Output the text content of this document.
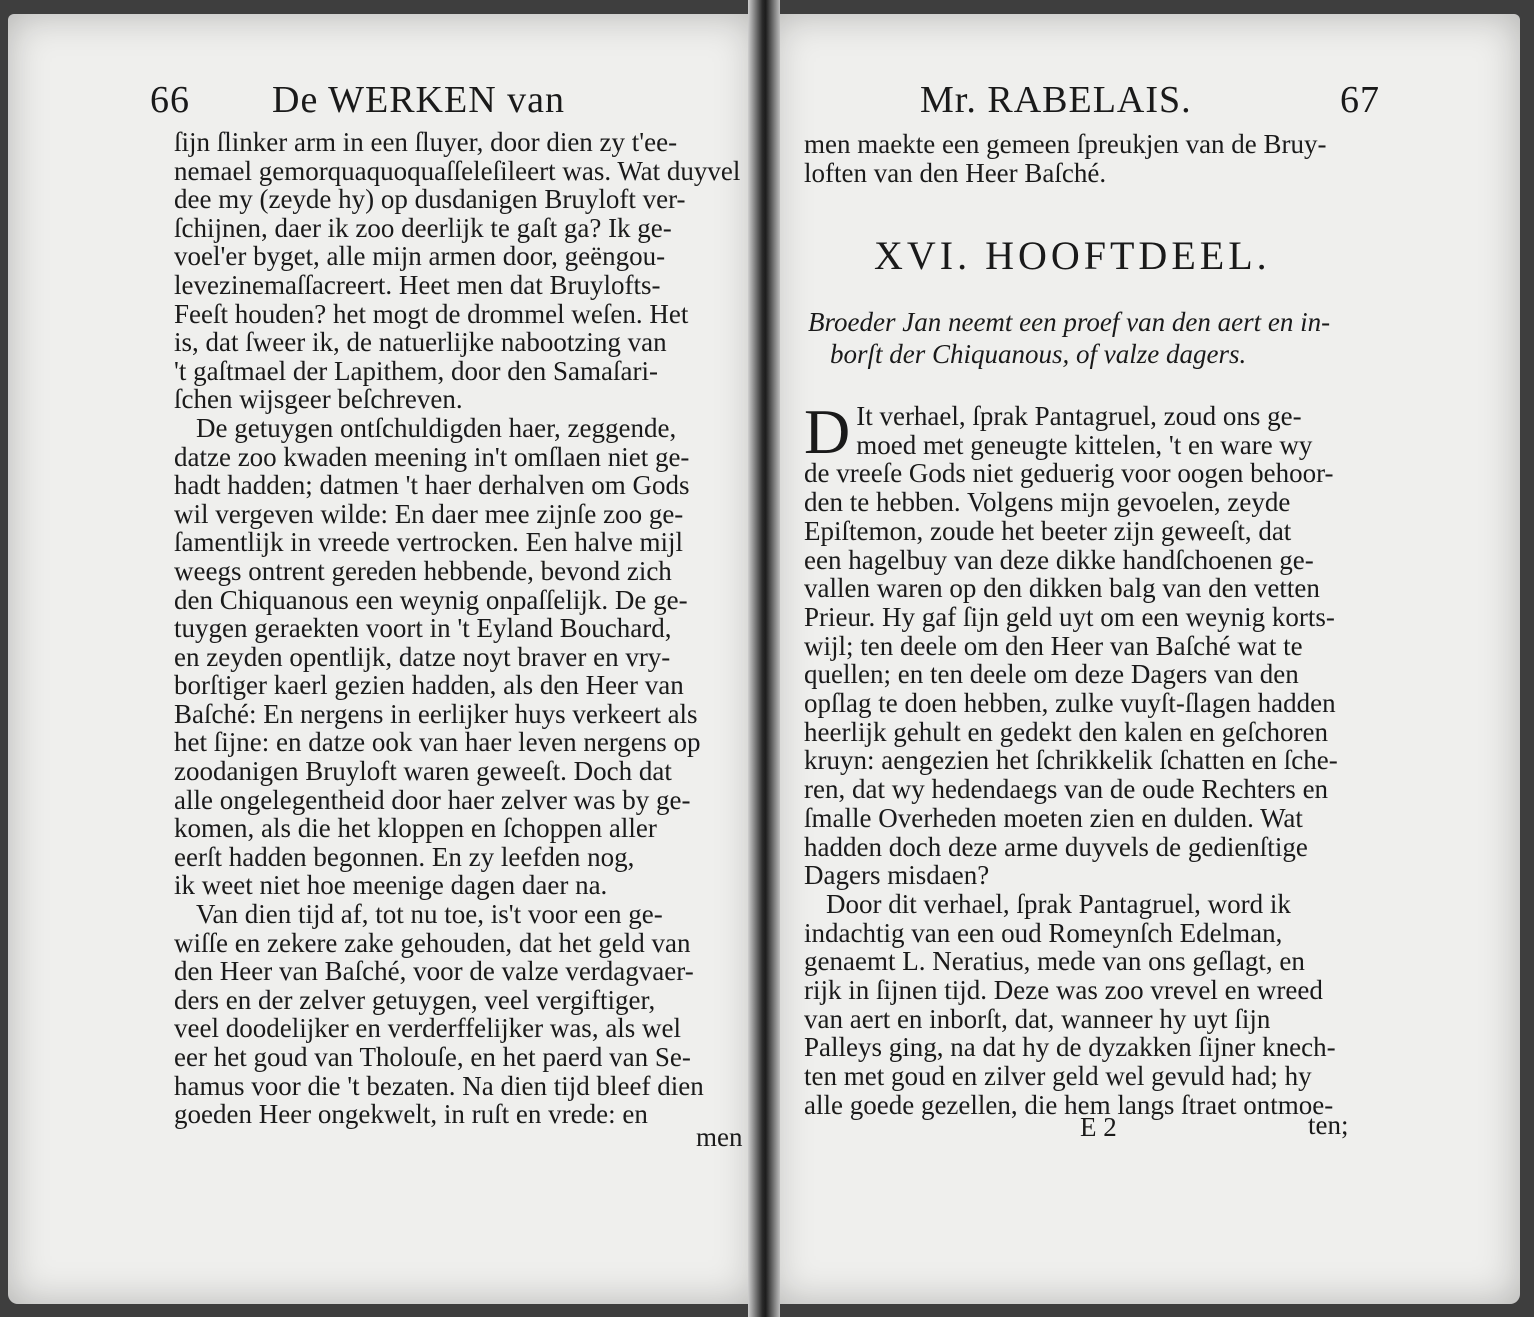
66 De WERKEN van	Mr. RABELAIS.	67
ſijn ſlinker arm in een ſluyer, door dien zy t'ee-
nemael gemorquaquoquaſſeleſileert was. Wat duyvel
dee my (zeyde hy) op dusdanigen Bruyloft ver-
ſchijnen, daer ik zoo deerlijk te gaſt ga? Ik ge-
voel'er byget, alle mijn armen door, geëngou-
levezinemaſſacreert. Heet men dat Bruylofts-
Feeſt houden? het mogt de drommel weſen. Het
is, dat ſweer ik, de natuerlijke nabootzing van
't gaſtmael der Lapithem, door den Samaſari-
ſchen wijsgeer beſchreven.
De getuygen ontſchuldigden haer, zeggende,
datze zoo kwaden meening in't omſlaen niet ge-
hadt hadden; datmen 't haer derhalven om Gods
wil vergeven wilde: En daer mee zijnſe zoo ge-
ſamentlijk in vreede vertrocken. Een halve mijl
weegs ontrent gereden hebbende, bevond zich
den Chiquanous een weynig onpaſſelijk. De ge-
tuygen geraekten voort in 't Eyland Bouchard,
en zeyden opentlijk, datze noyt braver en vry-
borſtiger kaerl gezien hadden, als den Heer van
Baſché: En nergens in eerlijker huys verkeert als
het ſijne: en datze ook van haer leven nergens op
zoodanigen Bruyloft waren geweeſt. Doch dat
alle ongelegentheid door haer zelver was by ge-
komen, als die het kloppen en ſchoppen aller
eerſt hadden begonnen. En zy leefden nog,
ik weet niet hoe meenige dagen daer na.
Van dien tijd af, tot nu toe, is't voor een ge-
wiſſe en zekere zake gehouden, dat het geld van
den Heer van Baſché, voor de valze verdagvaer-
ders en der zelver getuygen, veel vergiftiger,
veel doodelijker en verderffelijker was, als wel
eer het goud van Tholouſe, en het paerd van Se-
hamus voor die 't bezaten. Na dien tijd bleef dien
goeden Heer ongekwelt, in ruſt en vrede: en
men
men maekte een gemeen ſpreukjen van de Bruy-
loften van den Heer Baſché.
XVI. HOOFTDEEL.
Broeder Jan neemt een proef van den aert en in-
borſt der Chiquanous, of valze dagers.
D It verhael, ſprak Pantagruel, zoud ons ge-
moed met geneugte kittelen, 't en ware wy
de vreeſe Gods niet geduerig voor oogen behoor-
den te hebben. Volgens mijn gevoelen, zeyde
Epiſtemon, zoude het beeter zijn geweeſt, dat
een hagelbuy van deze dikke handſchoenen ge-
vallen waren op den dikken balg van den vetten
Prieur. Hy gaf ſijn geld uyt om een weynig korts-
wijl; ten deele om den Heer van Baſché wat te
quellen; en ten deele om deze Dagers van den
opſlag te doen hebben, zulke vuyſt-ſlagen hadden
heerlijk gehult en gedekt den kalen en geſchoren
kruyn: aengezien het ſchrikkelik ſchatten en ſche-
ren, dat wy hedendaegs van de oude Rechters en
ſmalle Overheden moeten zien en dulden. Wat
hadden doch deze arme duyvels de gedienſtige
Dagers misdaen?
Door dit verhael, ſprak Pantagruel, word ik
indachtig van een oud Romeynſch Edelman,
genaemt L. Neratius, mede van ons geſlagt, en
rijk in ſijnen tijd. Deze was zoo vrevel en wreed
van aert en inborſt, dat, wanneer hy uyt ſijn
Palleys ging, na dat hy de dyzakken ſijner knech-
ten met goud en zilver geld wel gevuld had; hy
alle goede gezellen, die hem langs ſtraet ontmoe-
E 2	ten;
